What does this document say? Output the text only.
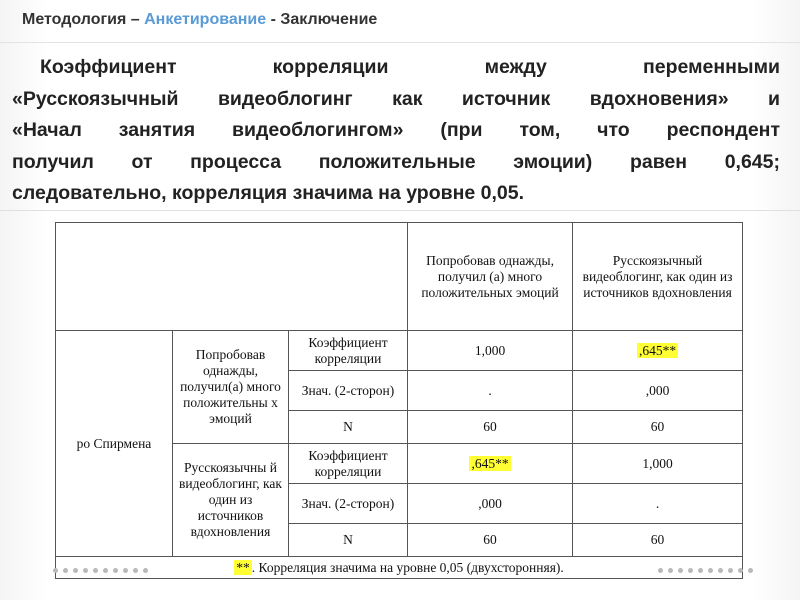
Методология – Анкетирование - Заключение
Коэффициент корреляции между переменными
«Русскоязычный видеоблогинг как источник вдохновения» и
«Начал занятия видеоблогингом» (при том, что респондент
получил от процесса положительные эмоции) равен 0,645;
следовательно, корреляция значима на уровне 0,05.
			Попробовав однажды, получил (а) много положительных эмоций	Русскоязычный видеоблогинг, как один из источников вдохновления
ро Спирмена	Попробовав однажды, получил(а) много положительны х эмоций	Коэффициент корреляции	1,000	,645**
		Знач. (2-сторон)	.	,000
		N	60	60
	Русскоязычны й видеоблогинг, как один из источников вдохновления	Коэффициент корреляции	,645**	1,000
		Знач. (2-сторон)	,000	.
		N	60	60
** . Корреляция значима на уровне 0,05 (двухсторонняя).				
